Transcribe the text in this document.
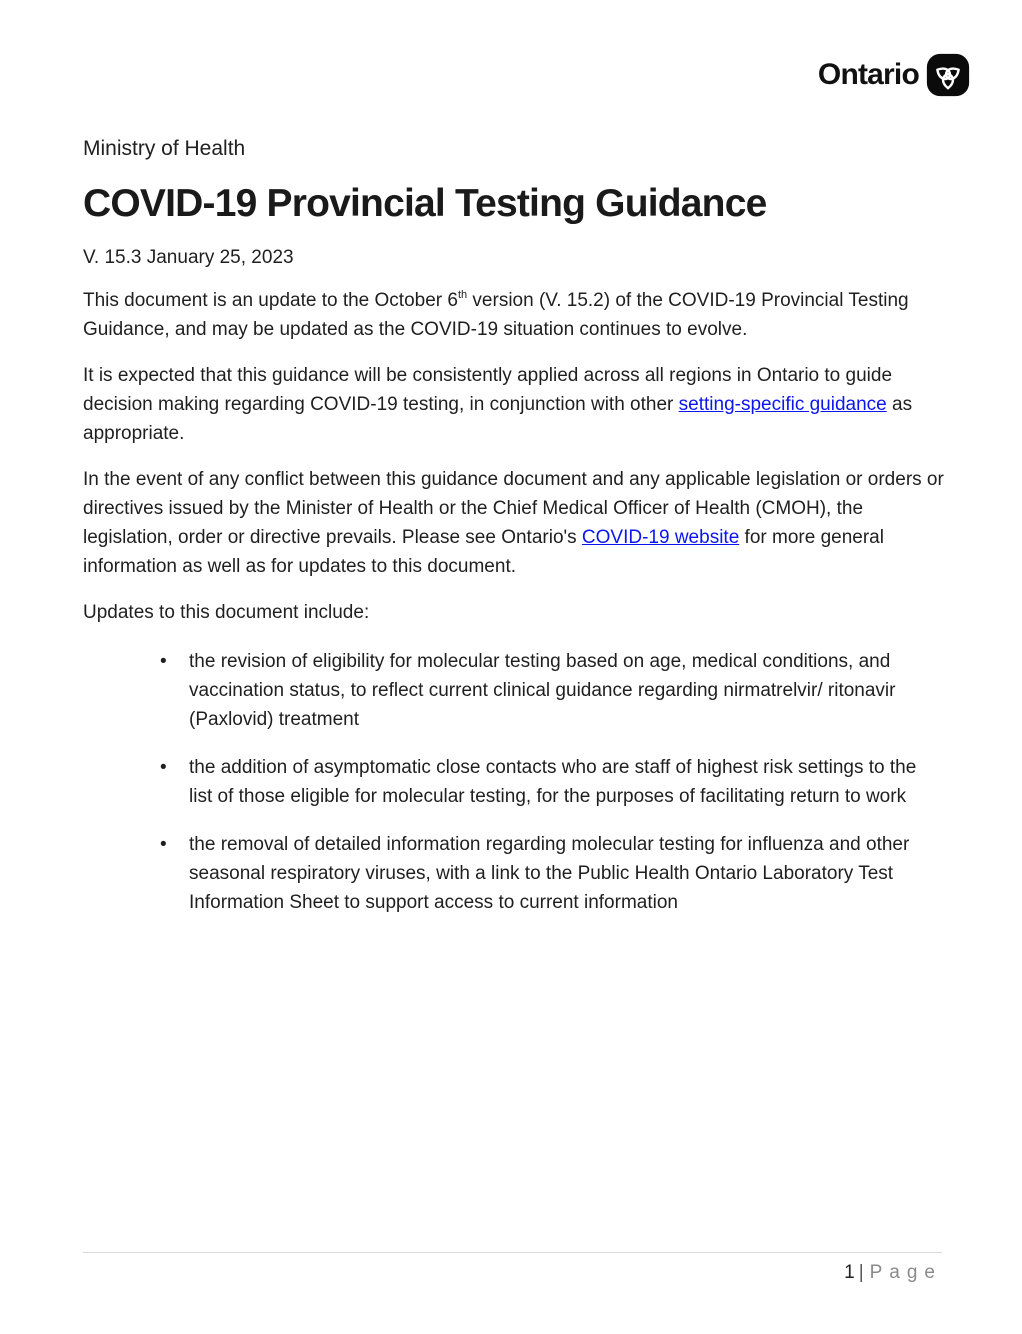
Ontario
Ministry of Health
COVID-19 Provincial Testing Guidance

V. 15.3 January 25, 2023

This document is an update to the October 6th version (V. 15.2) of the COVID-19 Provincial Testing Guidance, and may be updated as the COVID-19 situation continues to evolve.

It is expected that this guidance will be consistently applied across all regions in Ontario to guide decision making regarding COVID-19 testing, in conjunction with other setting-specific guidance as appropriate.

In the event of any conflict between this guidance document and any applicable legislation or orders or directives issued by the Minister of Health or the Chief Medical Officer of Health (CMOH), the legislation, order or directive prevails. Please see Ontario's COVID-19 website for more general information as well as for updates to this document.

Updates to this document include:

•	the revision of eligibility for molecular testing based on age, medical conditions, and vaccination status, to reflect current clinical guidance regarding nirmatrelvir/ ritonavir (Paxlovid) treatment
•	the addition of asymptomatic close contacts who are staff of highest risk settings to the list of those eligible for molecular testing, for the purposes of facilitating return to work
•	the removal of detailed information regarding molecular testing for influenza and other seasonal respiratory viruses, with a link to the Public Health Ontario Laboratory Test Information Sheet to support access to current information
1 | Page
